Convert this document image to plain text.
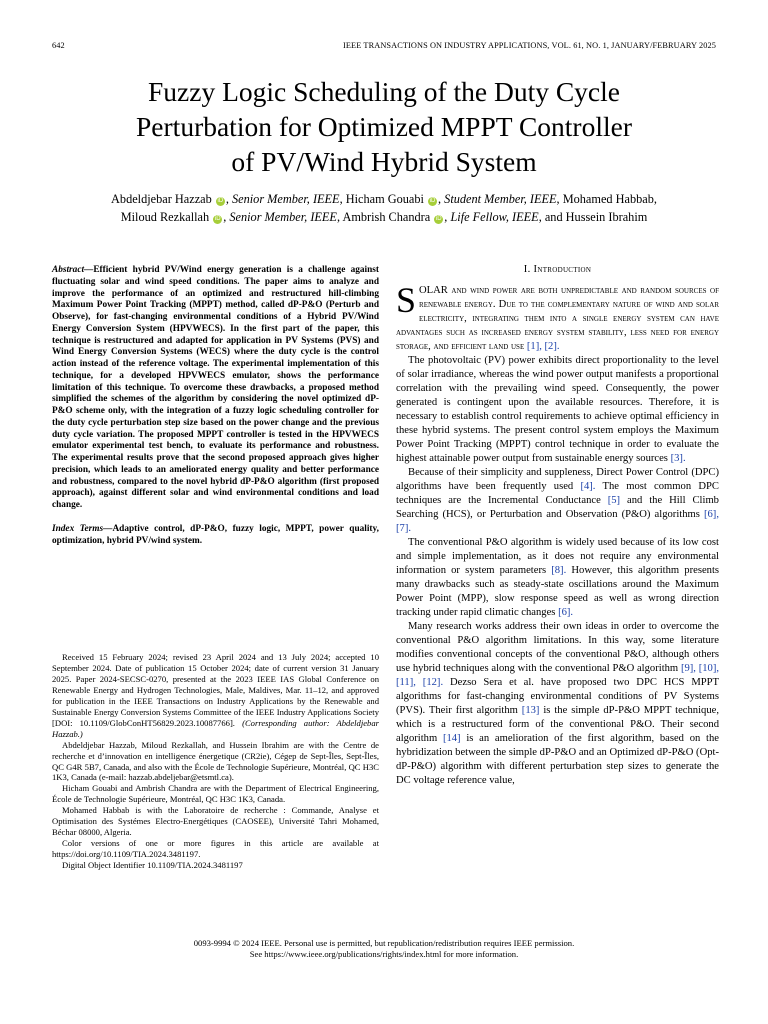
642	IEEE TRANSACTIONS ON INDUSTRY APPLICATIONS, VOL. 61, NO. 1, JANUARY/FEBRUARY 2025
Fuzzy Logic Scheduling of the Duty Cycle
Perturbation for Optimized MPPT Controller
of PV/Wind Hybrid System
Abdeldjebar Hazzab iD , Senior Member, IEEE, Hicham Gouabi iD , Student Member, IEEE, Mohamed Habbab,
Miloud Rezkallah iD , Senior Member, IEEE, Ambrish Chandra iD , Life Fellow, IEEE, and Hussein Ibrahim
Abstract—Efficient hybrid PV/Wind energy generation is a challenge against fluctuating solar and wind speed conditions. The paper aims to analyze and improve the performance of an optimized and restructured hill-climbing Maximum Power Point Tracking (MPPT) method, called dP-P&O (Perturb and Observe), for fast-changing environmental conditions of a Hybrid PV/Wind Energy Conversion System (HPVWECS). In the first part of the paper, this technique is restructured and adapted for application in PV Systems (PVS) and Wind Energy Conversion Systems (WECS) where the duty cycle is the control action instead of the reference voltage. The experimental implementation of this technique, for a developed HPVWECS emulator, shows the performance limitation of this technique. To overcome these drawbacks, a proposed method simplified the schemes of the algorithm by considering the novel optimized dP-P&O scheme only, with the integration of a fuzzy logic scheduling controller for the duty cycle perturbation step size based on the power change and the previous duty cycle variation. The proposed MPPT controller is tested in the HPVWECS emulator experimental test bench, to evaluate its performance and robustness. The experimental results prove that the second proposed approach gives higher precision, which leads to an ameliorated energy quality and better performance and robustness, compared to the novel hybrid dP-P&O algorithm (first proposed approach), against different solar and wind environmental conditions and load change.
Index Terms—Adaptive control, dP-P&O, fuzzy logic, MPPT, power quality, optimization, hybrid PV/wind system.

Received 15 February 2024; revised 23 April 2024 and 13 July 2024; accepted 10 September 2024. Date of publication 15 October 2024; date of current version 31 January 2025. Paper 2024-SECSC-0270, presented at the 2023 IEEE IAS Global Conference on Renewable Energy and Hydrogen Technologies, Male, Maldives, Mar. 11–12, and approved for publication in the IEEE Transactions on Industry Applications by the Renewable and Sustainable Energy Conversion Systems Committee of the IEEE Industry Applications Society [DOI: 10.1109/GlobConHT56829.2023.10087766]. (Corresponding author: Abdeldjebar Hazzab.)

Abdeldjebar Hazzab, Miloud Rezkallah, and Hussein Ibrahim are with the Centre de recherche et d’innovation en intelligence énergetique (CR2ie), Cégep de Sept-Îles, Sept-Îles, QC G4R 5B7, Canada, and also with the École de Technologie Supérieure, Montréal, QC H3C 1K3, Canada (e-mail: hazzab.abdeljebar@etsmtl.ca).

Hicham Gouabi and Ambrish Chandra are with the Department of Electrical Engineering, École de Technologie Supérieure, Montréal, QC H3C 1K3, Canada.

Mohamed Habbab is with the Laboratoire de recherche : Commande, Analyse et Optimisation des Systémes Electro-Energétiques (CAOSEE), Université Tahri Mohamed, Béchar 08000, Algeria.

Color versions of one or more figures in this article are available at https://doi.org/10.1109/TIA.2024.3481197.

Digital Object Identifier 10.1109/TIA.2024.3481197

I. Introduction

SOLAR and wind power are both unpredictable and random sources of renewable energy. Due to the complementary nature of wind and solar electricity, integrating them into a single energy system can have advantages such as increased energy system stability, less need for energy storage, and efficient land use [1], [2].

The photovoltaic (PV) power exhibits direct proportionality to the level of solar irradiance, whereas the wind power output manifests a proportional correlation with the prevailing wind speed. Consequently, the power generated is contingent upon the available resources. Therefore, it is necessary to establish control requirements to achieve optimal efficiency in these hybrid systems. The present control system employs the Maximum Power Point Tracking (MPPT) control technique in order to evaluate the highest attainable power output from sustainable energy sources [3].

Because of their simplicity and suppleness, Direct Power Control (DPC) algorithms have been frequently used [4]. The most common DPC techniques are the Incremental Conductance [5] and the Hill Climb Searching (HCS), or Perturbation and Observation (P&O) algorithms [6], [7].

The conventional P&O algorithm is widely used because of its low cost and simple implementation, as it does not require any environmental information or system parameters [8]. However, this algorithm presents many drawbacks such as steady-state oscillations around the Maximum Power Point (MPP), slow response speed as well as wrong direction tracking under rapid climatic changes [6].

Many research works address their own ideas in order to overcome the conventional P&O algorithm limitations. In this way, some literature modifies conventional concepts of the conventional P&O, although others use hybrid techniques along with the conventional P&O algorithm [9], [10], [11], [12]. Dezso Sera et al. have proposed two DPC HCS MPPT algorithms for fast-changing environmental conditions of PV Systems (PVS). Their first algorithm [13] is the simple dP-P&O MPPT technique, which is a restructured form of the conventional P&O. Their second algorithm [14] is an amelioration of the first algorithm, based on the hybridization between the simple dP-P&O and an Optimized dP-P&O (Opt-dP-P&O) algorithm with different perturbation step sizes to generate the DC voltage reference value,

0093-9994 © 2024 IEEE. Personal use is permitted, but republication/redistribution requires IEEE permission.
See https://www.ieee.org/publications/rights/index.html for more information.
